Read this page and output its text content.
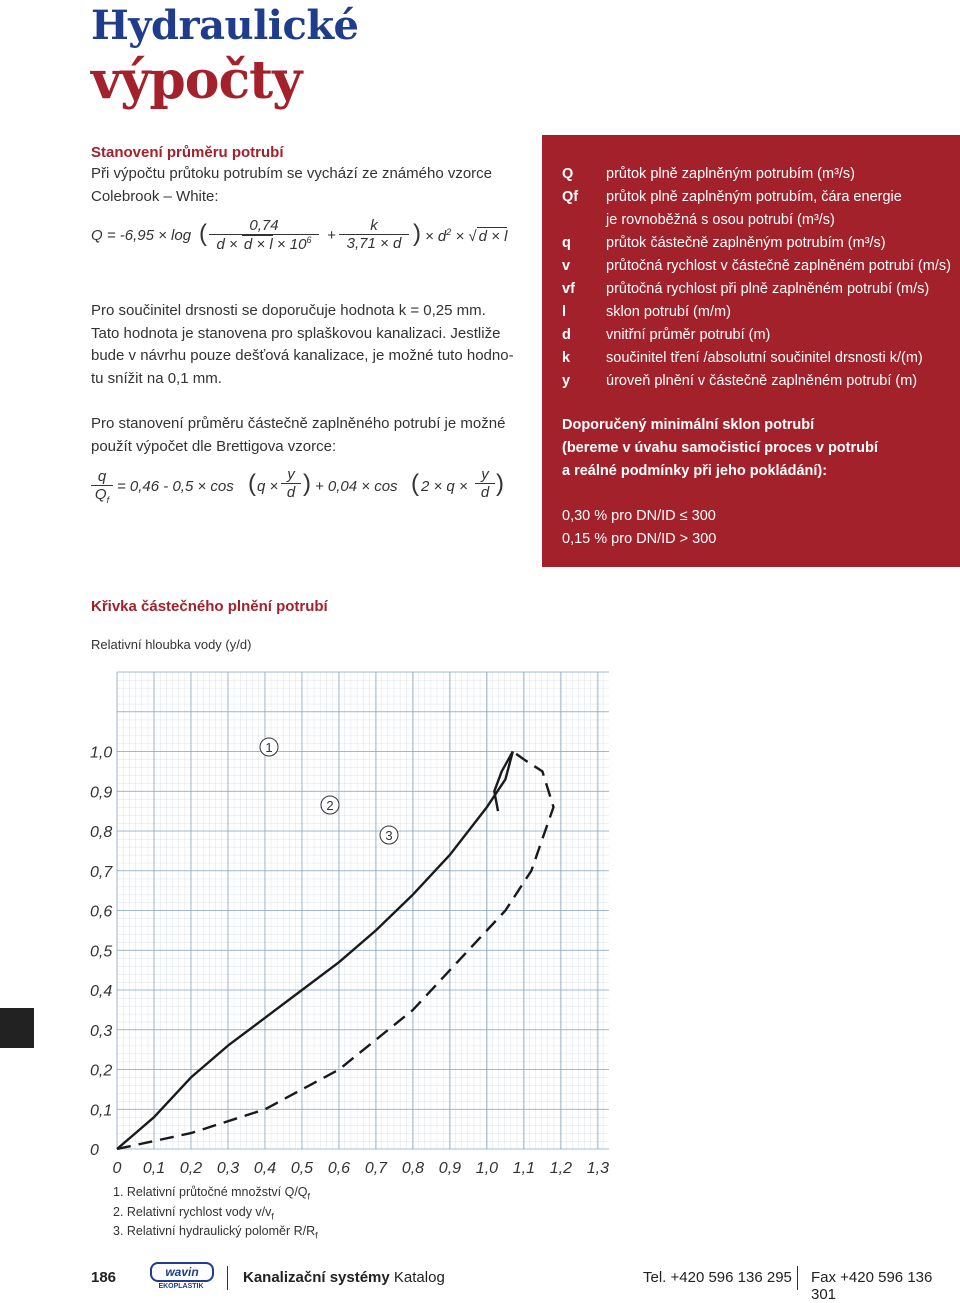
Hydraulické
výpočty
Stanovení průměru potrubí
Při výpočtu průtoku potrubím se vychází ze známého vzorce
Colebrook – White:
Q = -6,95 × log ( $\frac{0,74}{d \times d \times l \times 10^6} + \frac{k}{3,71 \times d}$ ) × $d^2$ × √ d × l
Pro součinitel drsnosti se doporučuje hodnota k = 0,25 mm.
Tato hodnota je stanovena pro splaškovou kanalizaci. Jestliže
bude v návrhu pouze dešťová kanalizace, je možné tuto hodno-
tu snížit na 0,1 mm.
Pro stanovení průměru částečně zaplněného potrubí je možné
použít výpočet dle Brettigova vzorce:
$\frac{q}{Q_f} = 0,46 - 0,5 \times \cos$ ( $q \times \frac{y}{d}$ ) + 0,04 × cos ( $2 \times q \times \frac{y}{d}$ )
Q	průtok plně zaplněným potrubím (m³/s)
Qf	průtok plně zaplněným potrubím, čára energie
je rovnoběžná s osou potrubí (m³/s)
q	průtok částečně zaplněným potrubím (m³/s)
v	průtočná rychlost v částečně zaplněném potrubí (m/s)
vf	průtočná rychlost při plně zaplněném potrubí (m/s)
l	sklon potrubí (m/m)
d	vnitřní průměr potrubí (m)
k	součinitel tření /absolutní součinitel drsnosti k/(m)
y	úroveň plnění v částečně zaplněném potrubí (m)
Doporučený minimální sklon potrubí
(bereme v úvahu samočisticí proces v potrubí
a reálné podmínky při jeho pokládání):
0,30 % pro DN/ID ≤ 300
0,15 % pro DN/ID > 300
Křivka částečného plnění potrubí
Relativní hloubka vody (y/d)
0
0,1
0,2
0,3
0,4
0,5
0,6
0,7
0,8
0,9
1,0
0 0,1 0,2 0,3 0,4 0,5 0,6 0,7 0,8 0,9 1,0 1,1 1,2 1,3
1
2
3
1. Relativní průtočné množství $Q/Q_f$
2. Relativní rychlost vody $v/v_f$
3. Relativní hydraulický poloměr $R/R_f$
186	wavin
EKOPLASTIK
Kanalizační systémy Katalog	Tel. +420 596 136 295 Fax +420 596 136 301
